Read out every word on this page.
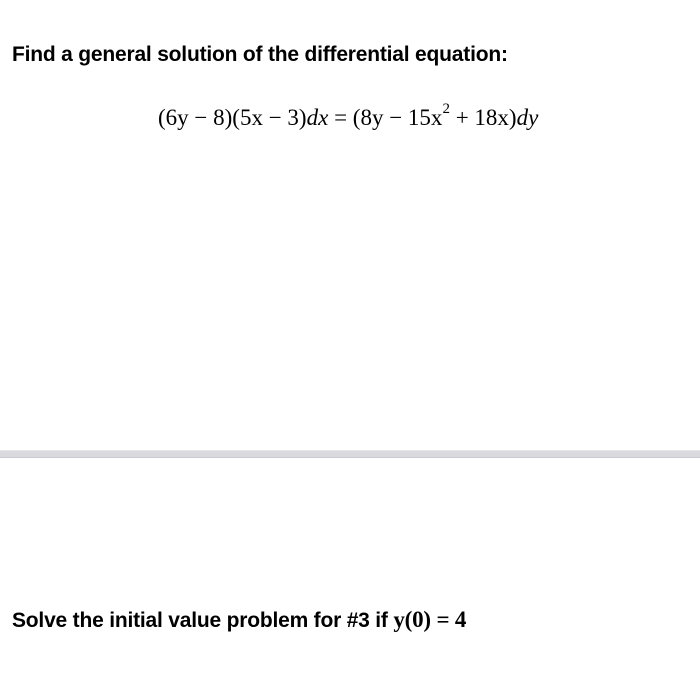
Find a general solution of the differential equation:
$(6y - 8)(5x - 3)dx = (8y - 15x^2 + 18x)dy$
Solve the initial value problem for #3 if y(0) = 4
